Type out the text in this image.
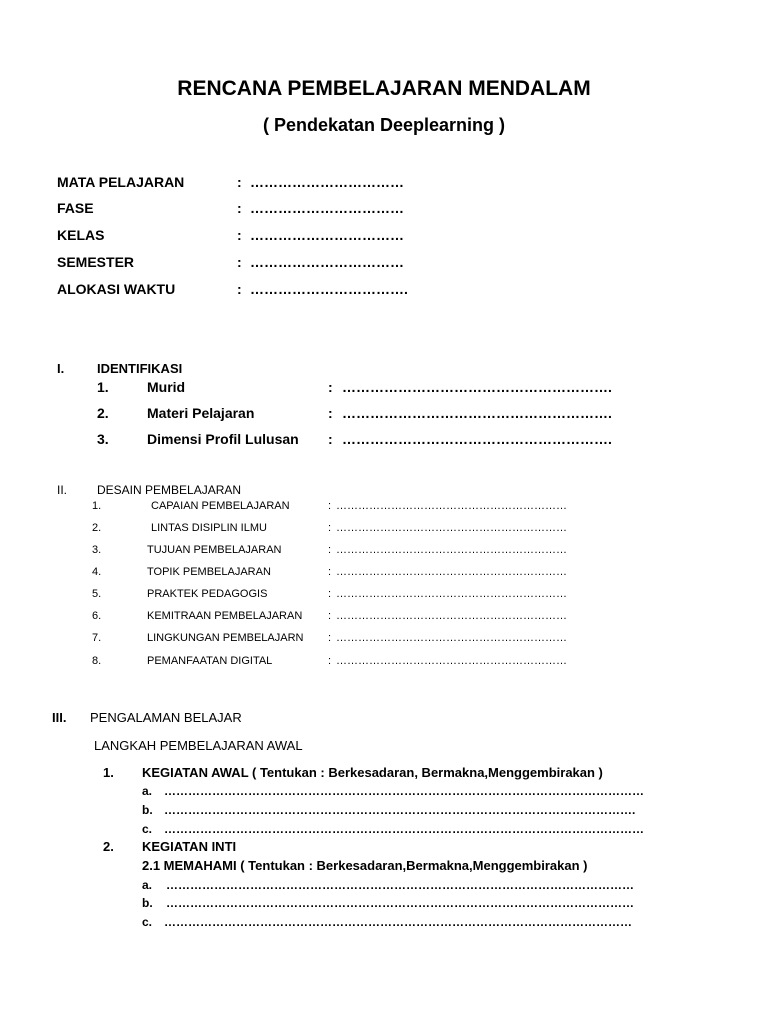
RENCANA PEMBELAJARAN MENDALAM
( Pendekatan Deeplearning )
MATA PELAJARAN	: ……………………………
FASE	: ……………………………
KELAS	: ……………………………
SEMESTER	: ……………………………
ALOKASI WAKTU	: …………………………….
I.	IDENTIFIKASI
1.	Murid	: ………………………………………………….
2.	Materi Pelajaran	: ………………………………………………….
3.	Dimensi Profil Lulusan : ………………………………………………….
II. DESAIN PEMBELAJARAN
1.	CAPAIAN PEMBELAJARAN	: ………………………………………………………
2.	LINTAS DISIPLIN ILMU	: ………………………………………………………
3.	TUJUAN PEMBELAJARAN	: ………………………………………………………
4.	TOPIK PEMBELAJARAN	: ………………………………………………………
5.	PRAKTEK PEDAGOGIS	: ………………………………………………………
6.	KEMITRAAN PEMBELAJARAN : ………………………………………………………
7.	LINGKUNGAN PEMBELAJARN : ………………………………………………………
8.	PEMANFAATAN DIGITAL	: ………………………………………………………
III. PENGALAMAN BELAJAR
LANGKAH PEMBELAJARAN AWAL
1. KEGIATAN AWAL ( Tentukan : Berkesadaran, Bermakna,Menggembirakan )
a. …………………………………………………………………………………………………………
b. ……………………………………………………………………………………………………….
c. …………………………………………………………………………………………………………
2. KEGIATAN INTI
2.1 MEMAHAMI ( Tentukan : Berkesadaran,Bermakna,Menggembirakan )
a. ………………………………………………………………………………………………………
b. ………………………………………………………………………………………………………
c. ………………………………………………………………………………………………………
